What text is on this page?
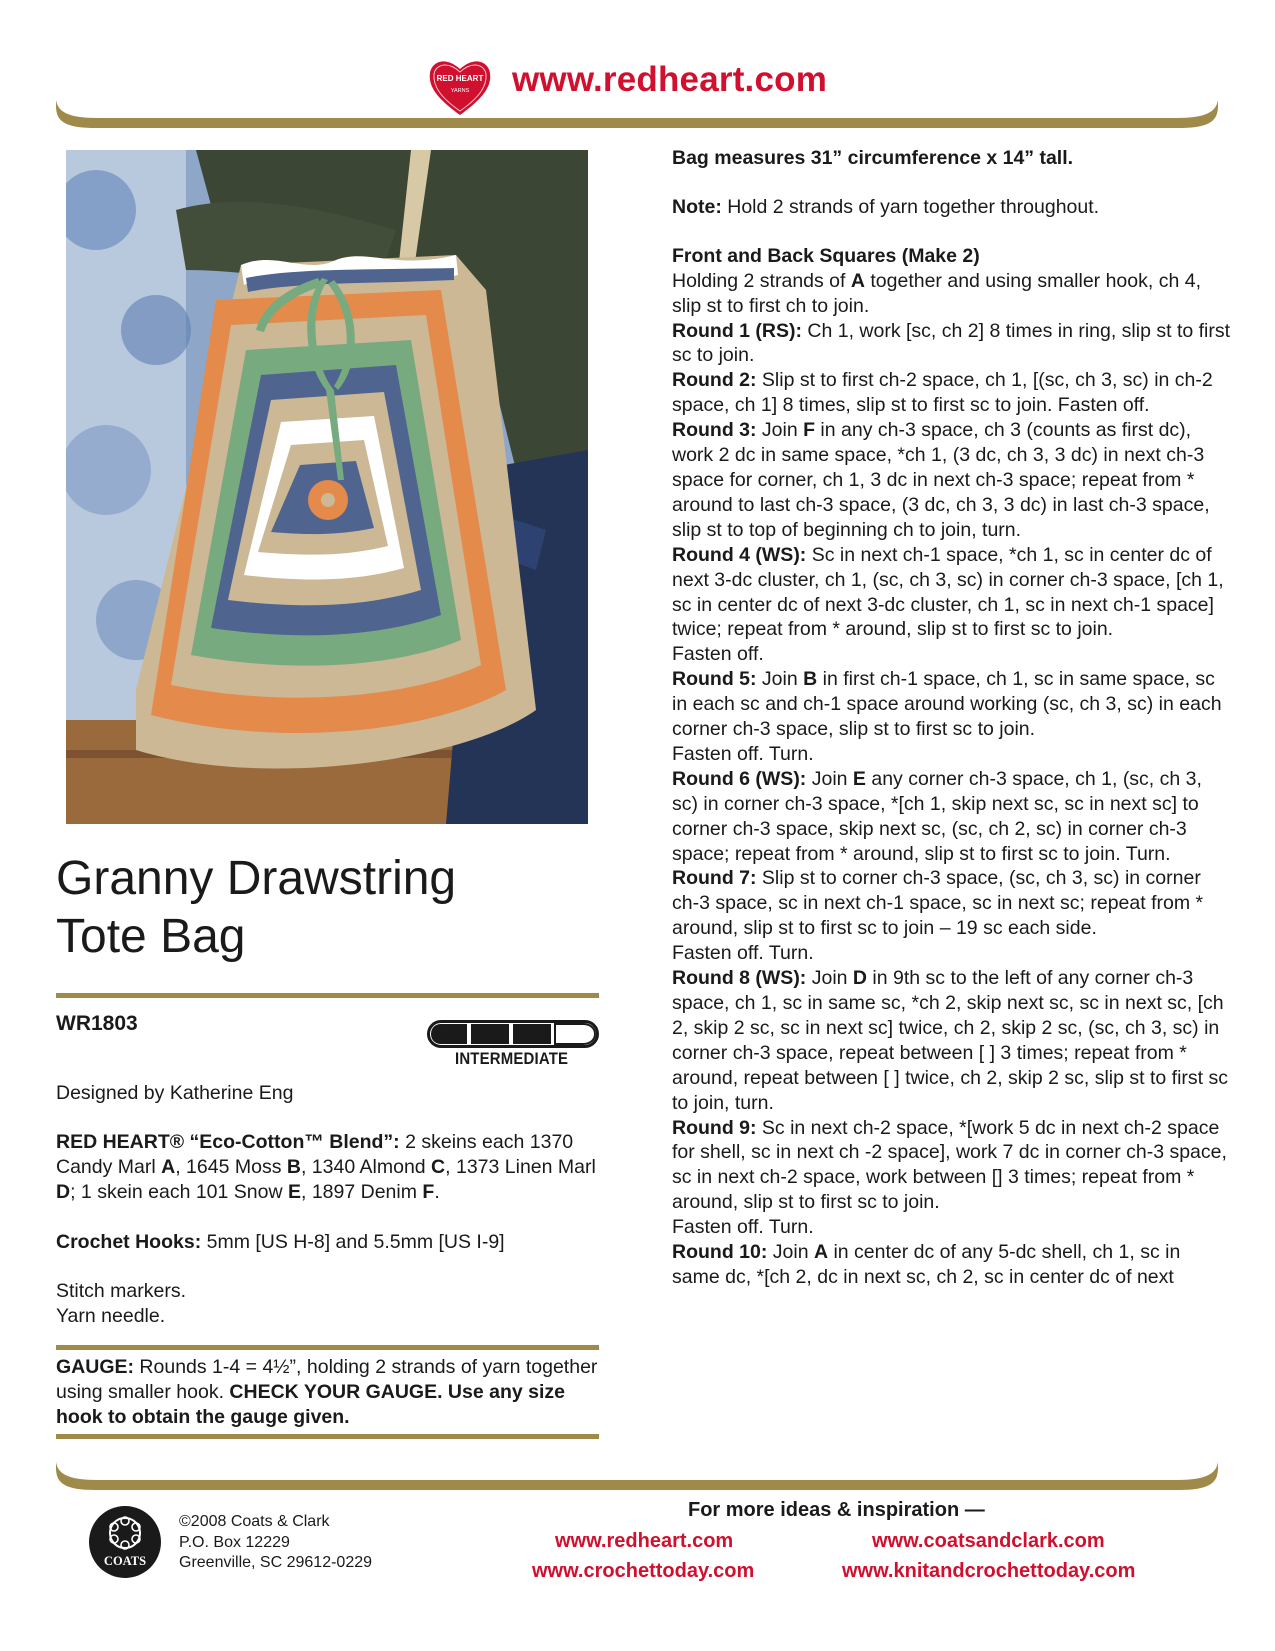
RED HEART
YARNS www.redheart.com
Granny Drawstring
Tote Bag
WR1803
INTERMEDIATE
Designed by Katherine Eng
RED HEART® “Eco-Cotton™ Blend”: 2 skeins each 1370 Candy Marl A, 1645 Moss B, 1340 Almond C, 1373 Linen Marl D; 1 skein each 101 Snow E, 1897 Denim F.
Crochet Hooks: 5mm [US H-8] and 5.5mm [US I-9]
Stitch markers.
Yarn needle.
GAUGE: Rounds 1-4 = 4½”, holding 2 strands of yarn together using smaller hook. CHECK YOUR GAUGE. Use any size hook to obtain the gauge given.

Bag measures 31” circumference x 14” tall.

Note: Hold 2 strands of yarn together throughout.

Front and Back Squares (Make 2)

Holding 2 strands of A together and using smaller hook, ch 4, slip st to first ch to join.

Round 1 (RS): Ch 1, work [sc, ch 2] 8 times in ring, slip st to first sc to join.

Round 2: Slip st to first ch-2 space, ch 1, [(sc, ch 3, sc) in ch-2 space, ch 1] 8 times, slip st to first sc to join. Fasten off.

Round 3: Join F in any ch-3 space, ch 3 (counts as first dc), work 2 dc in same space, *ch 1, (3 dc, ch 3, 3 dc) in next ch-3 space for corner, ch 1, 3 dc in next ch-3 space; repeat from * around to last ch-3 space, (3 dc, ch 3, 3 dc) in last ch-3 space, slip st to top of beginning ch to join, turn.

Round 4 (WS): Sc in next ch-1 space, *ch 1, sc in center dc of next 3-dc cluster, ch 1, (sc, ch 3, sc) in corner ch-3 space, [ch 1, sc in center dc of next 3-dc cluster, ch 1, sc in next ch-1 space] twice; repeat from * around, slip st to first sc to join.

Fasten off.

Round 5: Join B in first ch-1 space, ch 1, sc in same space, sc in each sc and ch-1 space around working (sc, ch 3, sc) in each corner ch-3 space, slip st to first sc to join.

Fasten off. Turn.

Round 6 (WS): Join E any corner ch-3 space, ch 1, (sc, ch 3, sc) in corner ch-3 space, *[ch 1, skip next sc, sc in next sc] to corner ch-3 space, skip next sc, (sc, ch 2, sc) in corner ch-3 space; repeat from * around, slip st to first sc to join. Turn.

Round 7: Slip st to corner ch-3 space, (sc, ch 3, sc) in corner ch-3 space, sc in next ch-1 space, sc in next sc; repeat from * around, slip st to first sc to join – 19 sc each side.

Fasten off. Turn.

Round 8 (WS): Join D in 9th sc to the left of any corner ch-3 space, ch 1, sc in same sc, *ch 2, skip next sc, sc in next sc, [ch 2, skip 2 sc, sc in next sc] twice, ch 2, skip 2 sc, (sc, ch 3, sc) in corner ch-3 space, repeat between [ ] 3 times; repeat from * around, repeat between [ ] twice, ch 2, skip 2 sc, slip st to first sc to join, turn.

Round 9: Sc in next ch-2 space, *[work 5 dc in next ch-2 space for shell, sc in next ch -2 space], work 7 dc in corner ch-3 space, sc in next ch-2 space, work between [] 3 times; repeat from * around, slip st to first sc to join.

Fasten off. Turn.

Round 10: Join A in center dc of any 5-dc shell, ch 1, sc in same dc, *[ch 2, dc in next sc, ch 2, sc in center dc of next

COATS
©2008 Coats & Clark
P.O. Box 12229
Greenville, SC 29612-0229
For more ideas & inspiration —
www.redheart.com	www.coatsandclark.com
www.crochettoday.com	www.knitandcrochettoday.com
